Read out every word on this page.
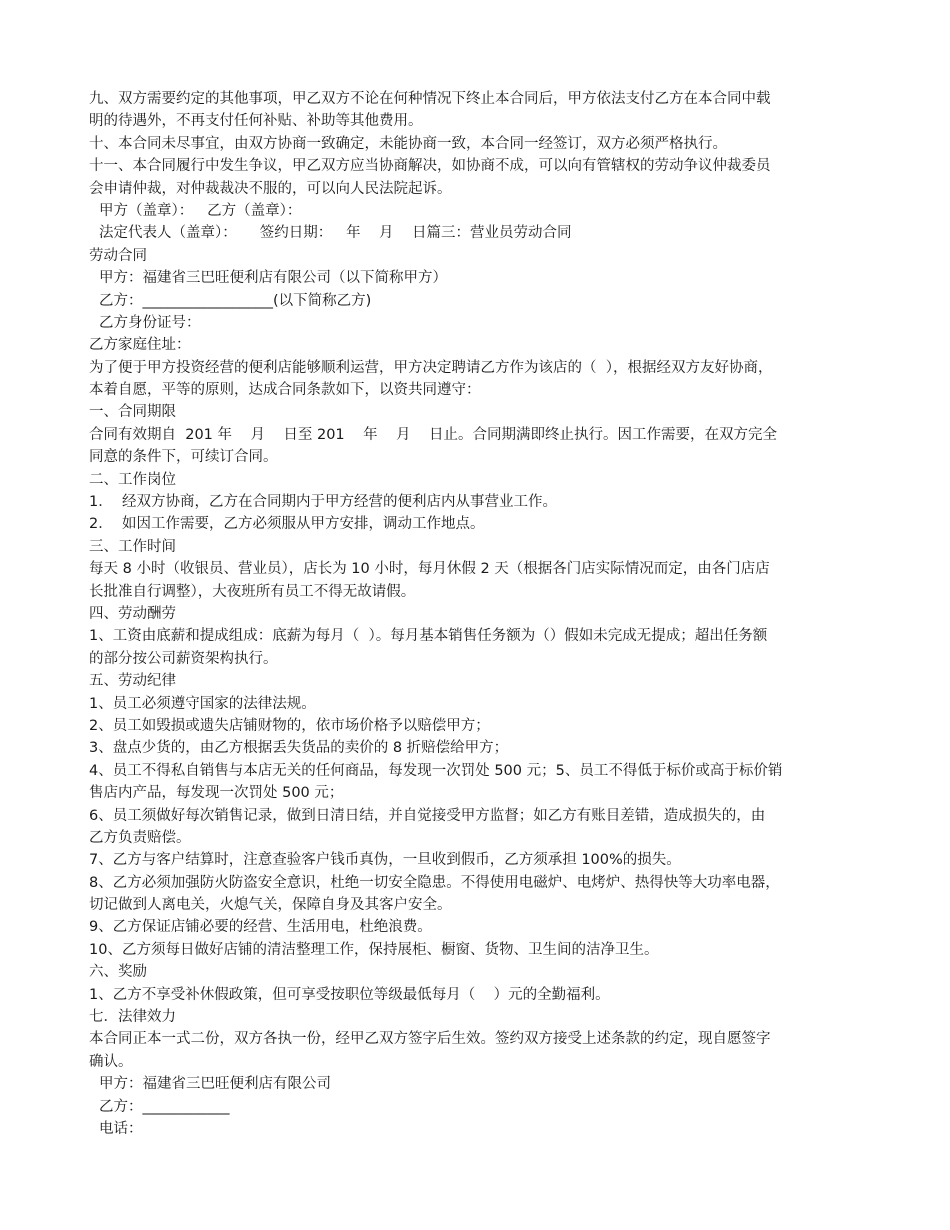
九、双方需要约定的其他事项，甲乙双方不论在何种情况下终止本合同后，甲方依法支付乙方在本合同中载
明的待遇外，不再支付任何补贴、补助等其他费用。
十、本合同未尽事宜，由双方协商一致确定，未能协商一致，本合同一经签订，双方必须严格执行。
十一、本合同履行中发生争议，甲乙双方应当协商解决，如协商不成，可以向有管辖权的劳动争议仲裁委员
会申请仲裁，对仲裁裁决不服的，可以向人民法院起诉。
甲方（盖章）：   乙方（盖章）：
法定代表人（盖章）：     签约日期：   年    月    日篇三：营业员劳动合同
劳动合同
甲方：福建省三巴旺便利店有限公司（以下简称甲方）
乙方：__________________(以下简称乙方)
乙方身份证号：
乙方家庭住址：
为了便于甲方投资经营的便利店能够顺利运营，甲方决定聘请乙方作为该店的（  ），根据经双方友好协商，
本着自愿，平等的原则，达成合同条款如下，以资共同遵守：
一、合同期限
合同有效期自  201 年    月    日至 201    年    月    日止。合同期满即终止执行。因工作需要，在双方完全
同意的条件下，可续订合同。
二、工作岗位
1．  经双方协商，乙方在合同期内于甲方经营的便利店内从事营业工作。
2．  如因工作需要，乙方必须服从甲方安排，调动工作地点。
三、工作时间
每天 8 小时（收银员、营业员），店长为 10 小时，每月休假 2 天（根据各门店实际情况而定，由各门店店
长批准自行调整），大夜班所有员工不得无故请假。
四、劳动酬劳
1、工资由底薪和提成组成：底薪为每月（  ）。每月基本销售任务额为（）假如未完成无提成；超出任务额
的部分按公司薪资架构执行。
五、劳动纪律
1、员工必须遵守国家的法律法规。
2、员工如毁损或遗失店铺财物的，依市场价格予以赔偿甲方；
3、盘点少货的，由乙方根据丢失货品的卖价的 8 折赔偿给甲方；
4、员工不得私自销售与本店无关的任何商品，每发现一次罚处 500 元；5、员工不得低于标价或高于标价销
售店内产品，每发现一次罚处 500 元；
6、员工须做好每次销售记录，做到日清日结，并自觉接受甲方监督；如乙方有账目差错，造成损失的，由
乙方负责赔偿。
7、乙方与客户结算时，注意查验客户钱币真伪，一旦收到假币，乙方须承担 100%的损失。
8、乙方必须加强防火防盗安全意识，杜绝一切安全隐患。不得使用电磁炉、电烤炉、热得快等大功率电器，
切记做到人离电关，火熄气关，保障自身及其客户安全。
9、乙方保证店铺必要的经营、生活用电，杜绝浪费。
10、乙方须每日做好店铺的清洁整理工作，保持展柜、橱窗、货物、卫生间的洁净卫生。
六、奖励
1、乙方不享受补休假政策，但可享受按职位等级最低每月（    ）元的全勤福利。
七．法律效力
本合同正本一式二份，双方各执一份，经甲乙双方签字后生效。签约双方接受上述条款的约定，现自愿签字
确认。
甲方：福建省三巴旺便利店有限公司
乙方：____________
电话：
